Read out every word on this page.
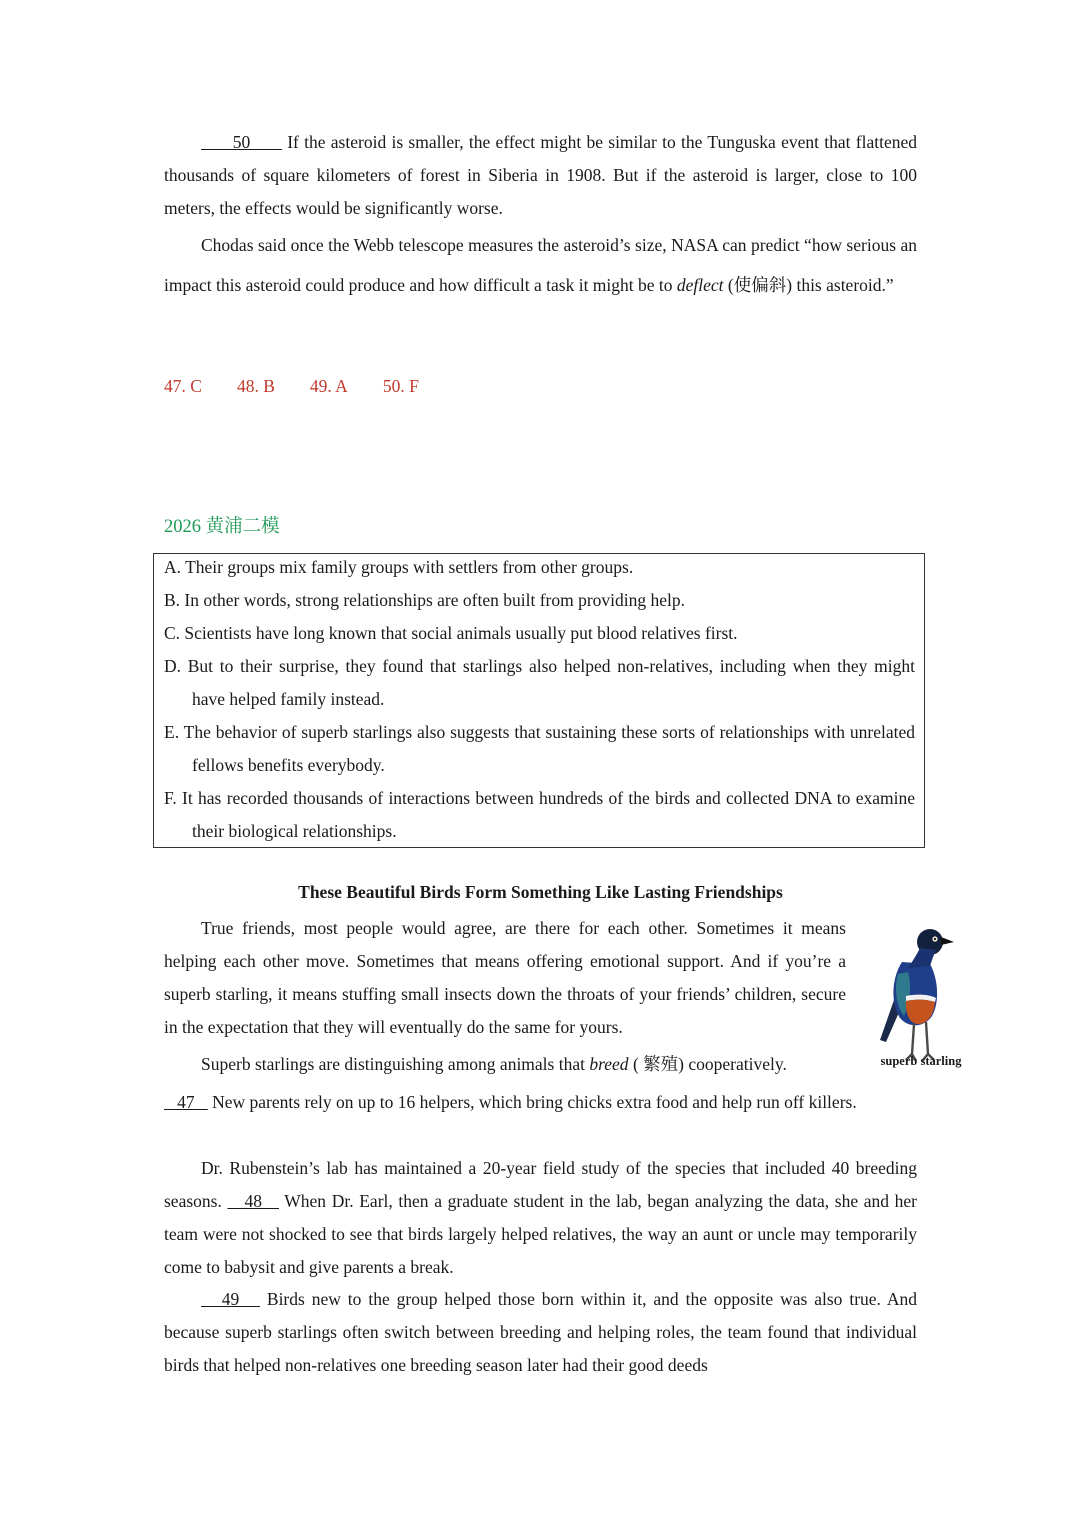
50       If the asteroid is smaller, the effect might be similar to the Tunguska event that flattened thousands of square kilometers of forest in Siberia in 1908. But if the asteroid is larger, close to 100 meters, the effects would be significantly worse.
Chodas said once the Webb telescope measures the asteroid’s size, NASA can predict “how serious an impact this asteroid could produce and how difficult a task it might be to deflect (使偏斜) this asteroid.”
47. C 48. B 49. A 50. F
2026 黄浦二模
A. Their groups mix family groups with settlers from other groups.
B. In other words, strong relationships are often built from providing help.
C. Scientists have long known that social animals usually put blood relatives first.
D. But to their surprise, they found that starlings also helped non-relatives, including when they might have helped family instead.
E. The behavior of superb starlings also suggests that sustaining these sorts of relationships with unrelated fellows benefits everybody.
F. It has recorded thousands of interactions between hundreds of the birds and collected DNA to examine their biological relationships.
These Beautiful Birds Form Something Like Lasting Friendships
True friends, most people would agree, are there for each other. Sometimes it means helping each other move. Sometimes that means offering emotional support. And if you’re a superb starling, it means stuffing small insects down the throats of your friends’ children, secure in the expectation that they will eventually do the same for yours.
Superb starlings are distinguishing among animals that breed ( 繁殖) cooperatively.
47    New parents rely on up to 16 helpers, which bring chicks extra food and help run off killers.
Dr. Rubenstein’s lab has maintained a 20-year field study of the species that included 40 breeding seasons.    48    When Dr. Earl, then a graduate student in the lab, began analyzing the data, she and her team were not shocked to see that birds largely helped relatives, the way an aunt or uncle may temporarily come to babysit and give parents a break.
49    Birds new to the group helped those born within it, and the opposite was also true. And because superb starlings often switch between breeding and helping roles, the team found that individual birds that helped non-relatives one breeding season later had their good deeds
superb starling
